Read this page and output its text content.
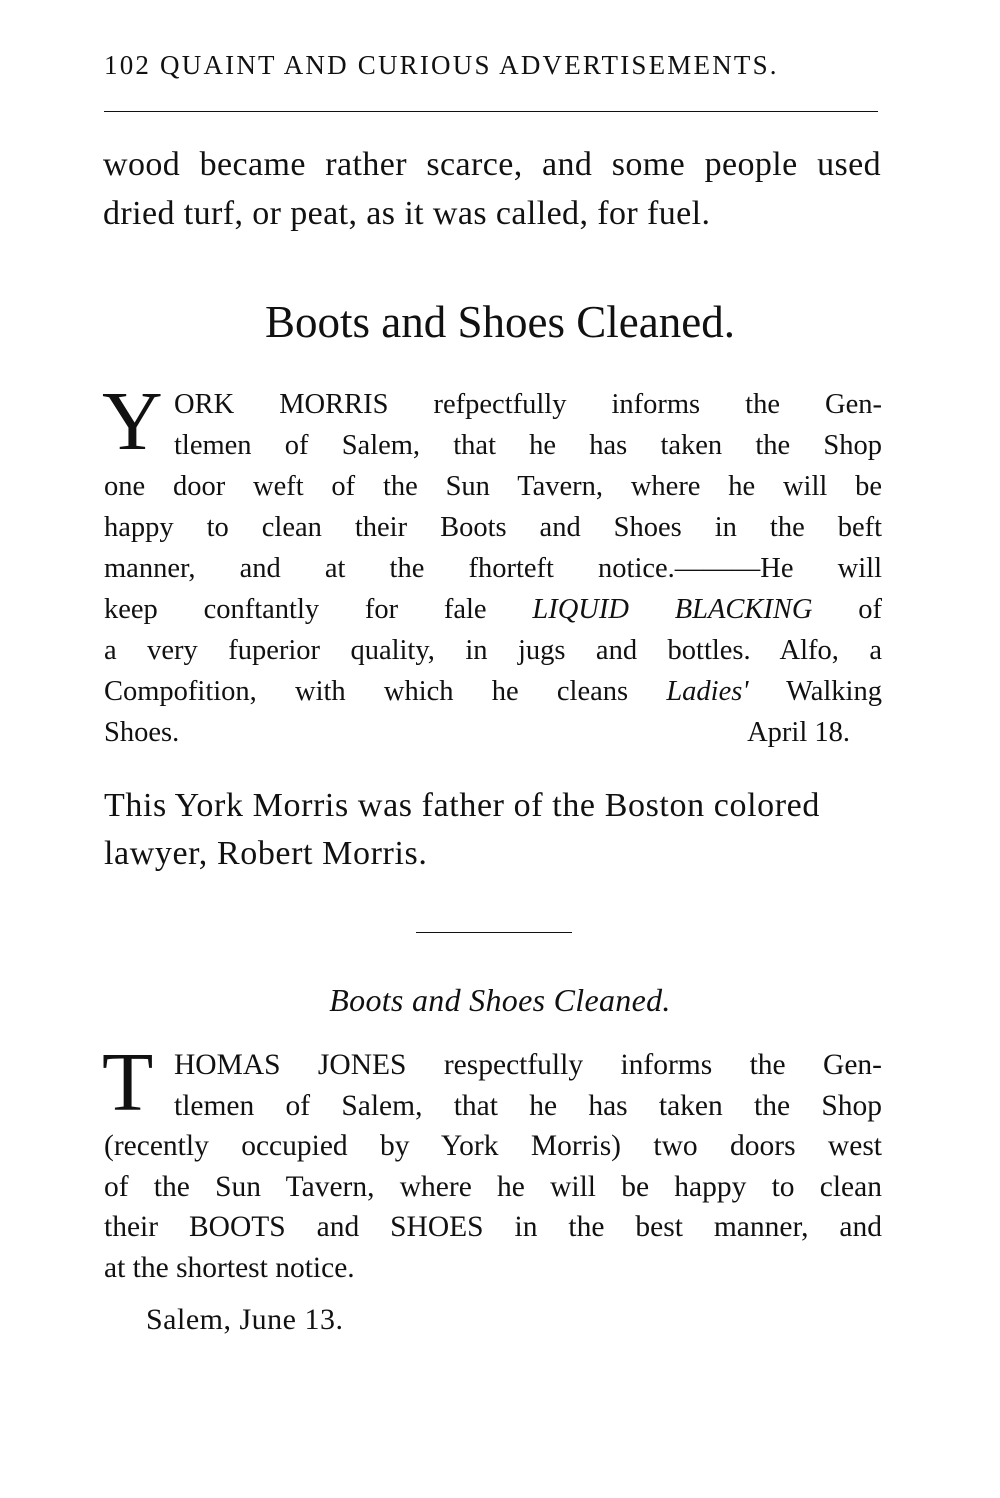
102 QUAINT AND CURIOUS ADVERTISEMENTS.
wood became rather scarce, and some people used dried turf, or peat, as it was called, for fuel.
Boots and Shoes Cleaned.
Y ORK MORRIS refpectfully informs the Gen-
tlemen of Salem, that he has taken the Shop
one door weft of the Sun Tavern, where he will be
happy to clean their Boots and Shoes in the beft
manner, and at the fhorteft notice.———He will
keep conftantly for fale LIQUID BLACKING of
a very fuperior quality, in jugs and bottles. Alfo, a
Compofition, with which he cleans Ladies' Walking
Shoes.	April 18.
This York Morris was father of the Boston colored lawyer, Robert Morris.
Boots and Shoes Cleaned.
T HOMAS JONES respectfully informs the Gen-
tlemen of Salem, that he has taken the Shop
(recently occupied by York Morris) two doors west
of the Sun Tavern, where he will be happy to clean
their BOOTS and SHOES in the best manner, and
at the shortest notice.
Salem, June 13.
